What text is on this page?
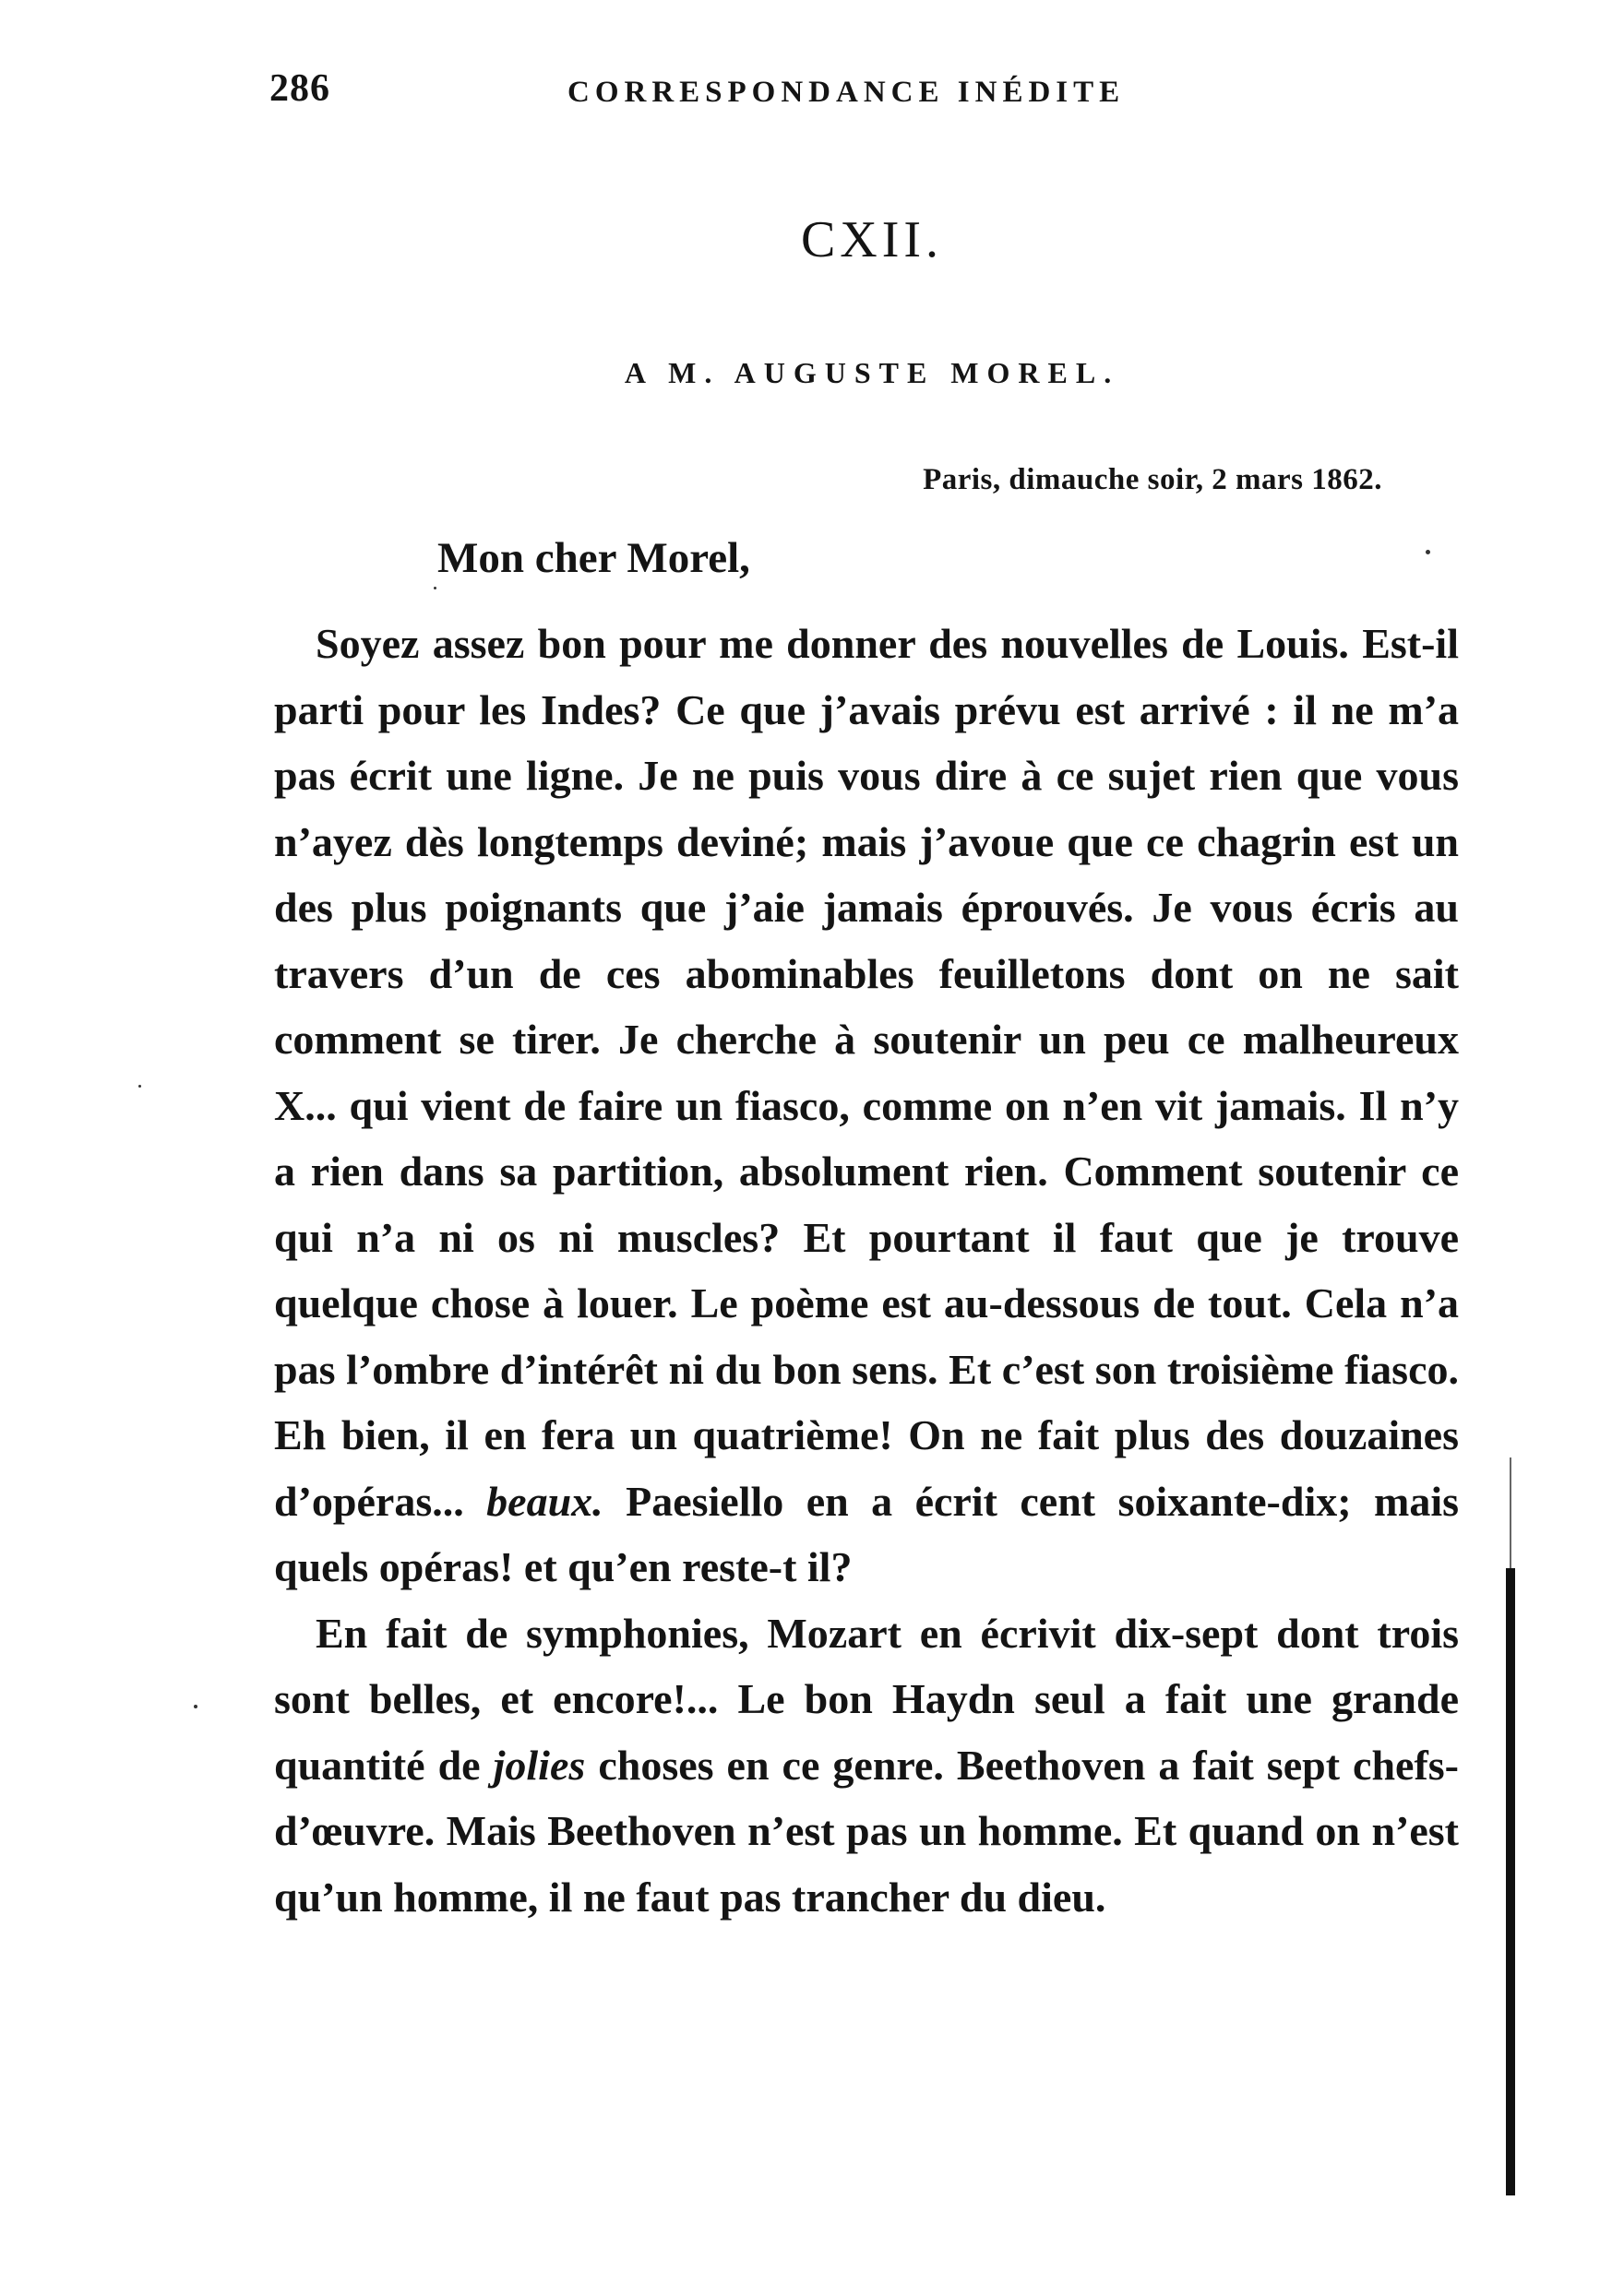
286	CORRESPONDANCE INÉDITE
CXII.
A M. AUGUSTE MOREL.
Paris, dimauche soir, 2 mars 1862.
Mon cher Morel,

Soyez assez bon pour me donner des nouvelles de Louis. Est-il parti pour les Indes? Ce que j’avais prévu est arrivé : il ne m’a pas écrit une ligne. Je ne puis vous dire à ce sujet rien que vous n’ayez dès longtemps deviné; mais j’avoue que ce chagrin est un des plus poignants que j’aie jamais éprouvés. Je vous écris au travers d’un de ces abominables feuilletons dont on ne sait comment se tirer. Je cherche à soutenir un peu ce malheureux X... qui vient de faire un fiasco, comme on n’en vit jamais. Il n’y a rien dans sa partition, absolument rien. Comment soutenir ce qui n’a ni os ni muscles? Et pourtant il faut que je trouve quelque chose à louer. Le poème est au-dessous de tout. Cela n’a pas l’ombre d’intérêt ni du bon sens. Et c’est son troisième fiasco. Eh bien, il en fera un quatrième! On ne fait plus des douzaines d’opéras... beaux. Paesiello en a écrit cent soixante-dix; mais quels opéras! et qu’en reste-t il?

En fait de symphonies, Mozart en écrivit dix-sept dont trois sont belles, et encore!... Le bon Haydn seul a fait une grande quantité de jolies choses en ce genre. Beethoven a fait sept chefs-d’œuvre. Mais Beethoven n’est pas un homme. Et quand on n’est qu’un homme, il ne faut pas trancher du dieu.
